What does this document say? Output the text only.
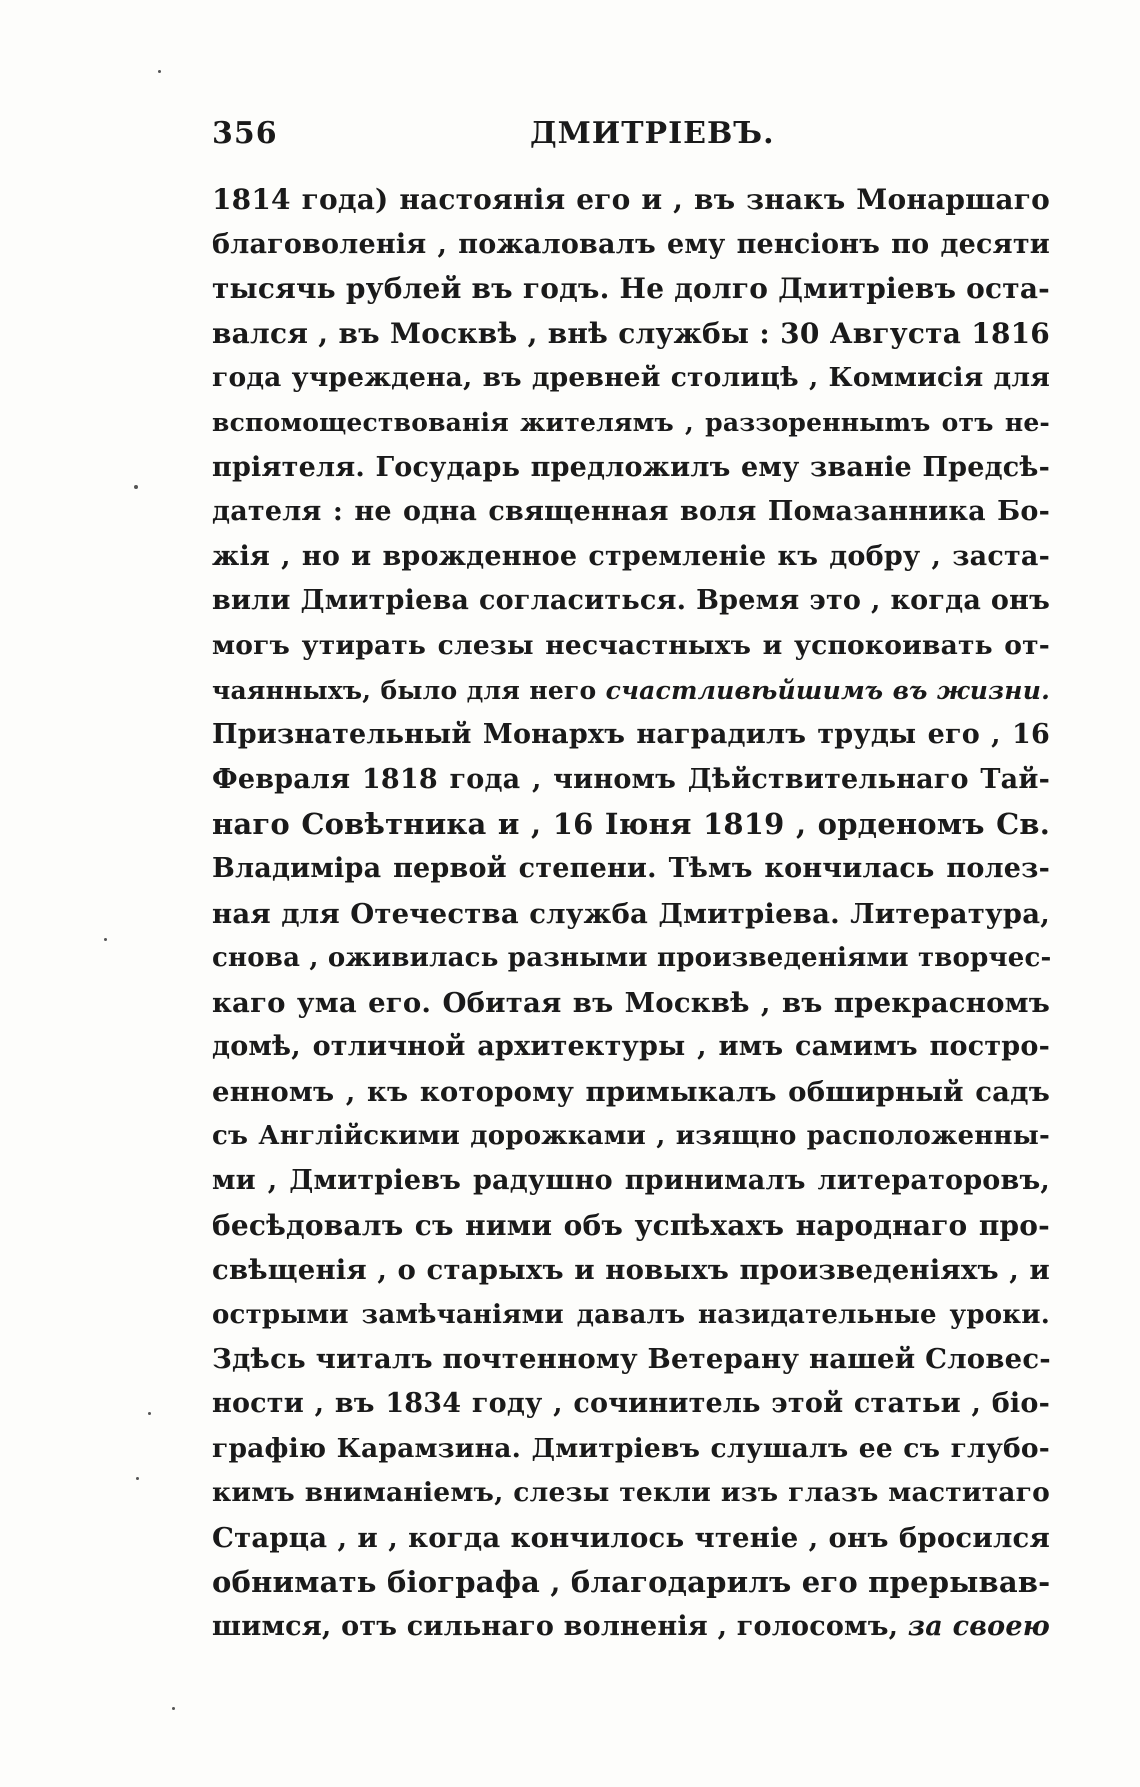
356	ДМИТРІЕВЪ.
1814 года) настоянія его и , въ знакъ Монаршаго
благоволенія , пожаловалъ ему пенсіонъ по десяти
тысячь рублей въ годъ. Не долго Дмитріевъ оста-
вался , въ Москвѣ , внѣ службы : 30 Августа 1816
года учреждена, въ древней столицѣ , Коммисія для
вспомоществованія жителямъ , раззоренныmъ отъ не-
пріятеля. Государь предложилъ ему званіе Предсѣ-
дателя : не одна священная воля Помазанника Бо-
жія , но и врожденное стремленіе къ добру , заста-
вили Дмитріева согласиться. Время это , когда онъ
могъ утирать слезы несчастныхъ и успокоивать от-
чаянныхъ, было для него счастливѣйшимъ въ жизни.
Признательный Монархъ наградилъ труды его , 16
Февраля 1818 года , чиномъ Дѣйствительнаго Тай-
наго Совѣтника и , 16 Іюня 1819 , орденомъ Св.
Владиміра первой степени. Тѣмъ кончилась полез-
ная для Отечества служба Дмитріева. Литература,
снова , оживилась разными произведеніями творчес-
каго ума его. Обитая въ Москвѣ , въ прекрасномъ
домѣ, отличной архитектуры , имъ самимъ постро-
енномъ , къ которому примыкалъ обширный садъ
съ Англійскими дорожками , изящно расположенны-
ми , Дмитріевъ радушно принималъ литераторовъ,
бесѣдовалъ съ ними объ успѣхахъ народнаго про-
свѣщенія , о старыхъ и новыхъ произведеніяхъ , и
острыми замѣчаніями давалъ назидательные уроки.
Здѣсь читалъ почтенному Ветерану нашей Словес-
ности , въ 1834 году , сочинитель этой статьи , біо-
графію Карамзина. Дмитріевъ слушалъ ее съ глубо-
кимъ вниманіемъ, слезы текли изъ глазъ маститаго
Старца , и , когда кончилось чтеніе , онъ бросился
обнимать біографа , благодарилъ его прерывав-
шимся, отъ сильнаго волненія , голосомъ, за своею
